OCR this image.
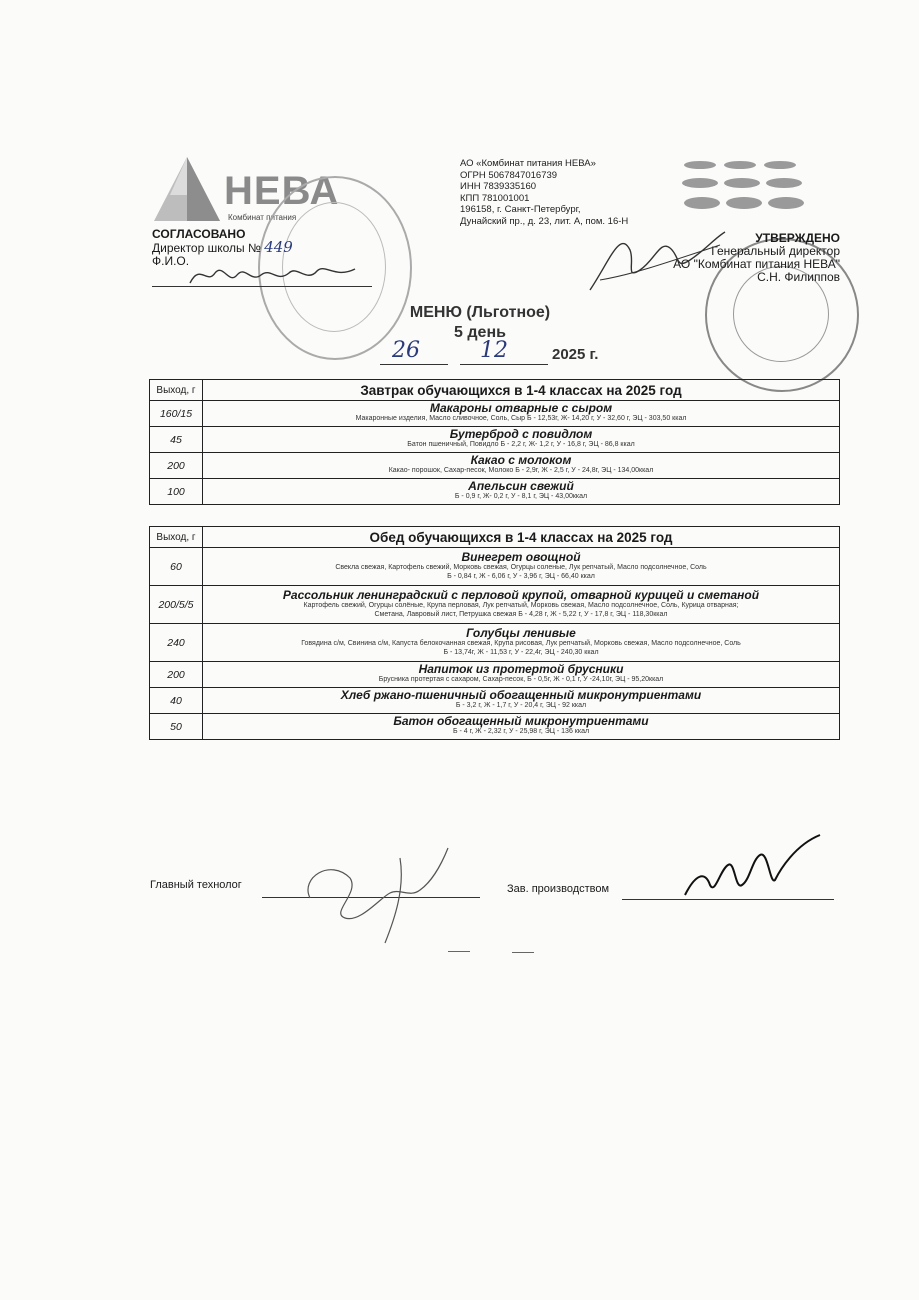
НЕВА
Комбинат питания
СОГЛАСОВАНО
Директор школы № 449
Ф.И.О.
АО «Комбинат питания НЕВА»
ОГРН 5067847016739
ИНН 7839335160
КПП 781001001
196158, г. Санкт-Петербург,
Дунайский пр., д. 23, лит. А, пом. 16-Н
УТВЕРЖДЕНО
Генеральный директор
АО "Комбинат питания НЕВА"
С.Н. Филиппов
МЕНЮ (Льготное)
5 день
26	12	2025 г.
Выход, г	Завтрак обучающихся в 1-4 классах на 2025 год
160/15	Макароны отварные с сыром
Макаронные изделия, Масло сливочное, Соль, Сыр Б - 12,53г, Ж- 14,20 г, У - 32,60 г, ЭЦ - 303,50 ккал

45	Бутерброд с повидлом
Батон пшеничный, Повидло Б - 2,2 г, Ж- 1,2 г, У - 16,8 г, ЭЦ - 86,8 ккал

200	Какао с молоком
Какао- порошок, Сахар-песок, Молоко Б - 2,9г, Ж - 2,5 г, У - 24,8г, ЭЦ - 134,00ккал

100	Апельсин свежий
Б - 0,9 г, Ж- 0,2 г, У - 8,1 г, ЭЦ - 43,00ккал
Выход, г	Обед обучающихся в 1-4 классах на 2025 год
60	Винегрет овощной
Свекла свежая, Картофель свежий, Морковь свежая, Огурцы соленые, Лук репчатый, Масло подсолнечное, Соль
Б - 0,84 г, Ж - 6,06 г, У - 3,96 г, ЭЦ - 66,40 ккал

200/5/5	Рассольник ленинградский с перловой крупой, отварной курицей и сметаной
Картофель свежий, Огурцы солёные, Крупа перловая, Лук репчатый, Морковь свежая, Масло подсолнечное, Соль, Курица отварная;
Сметана, Лавровый лист, Петрушка свежая Б - 4,28 г, Ж - 5,22 г, У - 17,8 г, ЭЦ - 118,30ккал

240	Голубцы ленивые
Говядина с/м, Свинина с/м, Капуста белокочанная свежая, Крупа рисовая, Лук репчатый, Морковь свежая, Масло подсолнечное, Соль
Б - 13,74г, Ж - 11,53 г, У - 22,4г, ЭЦ - 240,30 ккал

200	Напиток из протертой брусники
Брусника протертая с сахаром, Сахар-песок, Б - 0,5г, Ж - 0,1 г, У -24,10г, ЭЦ - 95,20ккал

40	Хлеб ржано-пшеничный обогащенный микронутриентами
Б - 3,2 г, Ж - 1,7 г, У - 20,4 г, ЭЦ - 92 ккал

50	Батон обогащенный микронутриентами
Б - 4 г, Ж - 2,32 г, У - 25,98 г, ЭЦ - 136 ккал
Главный технолог	Зав. производством
